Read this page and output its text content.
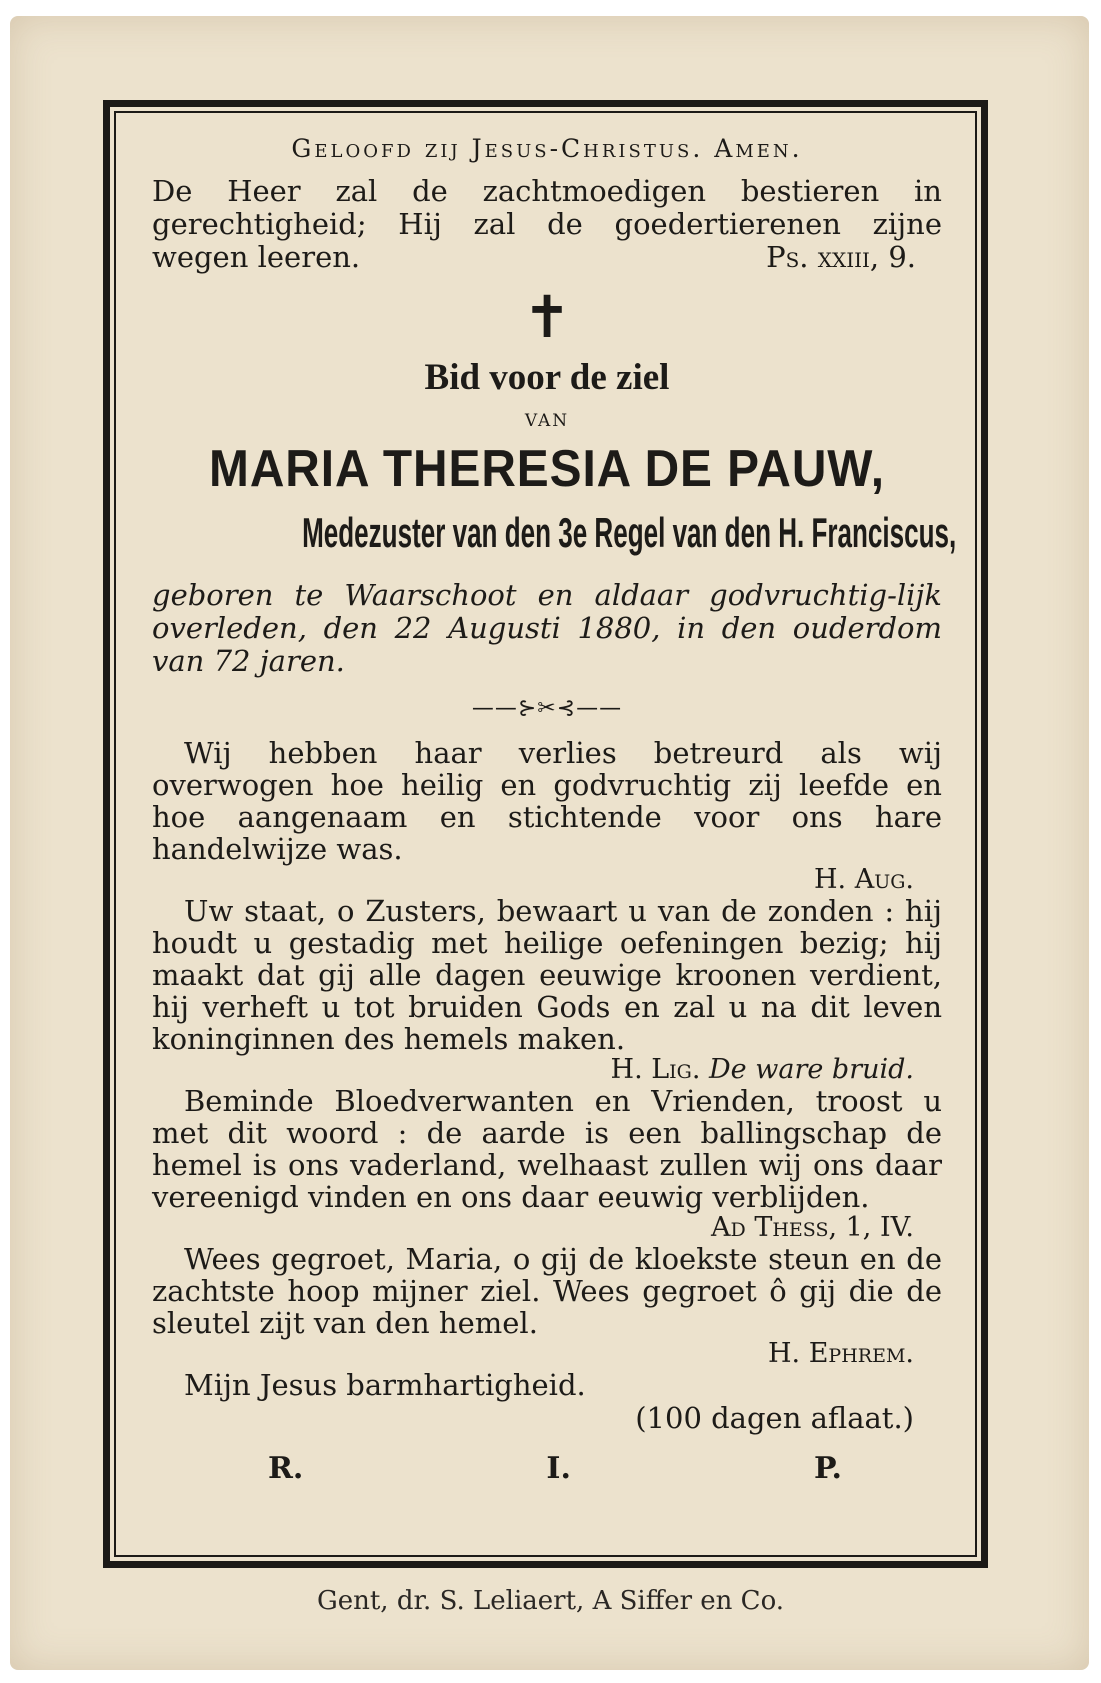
Geloofd zij Jesus-Christus. Amen.
De Heer zal de zachtmoedigen bestieren in
gerechtigheid; Hij zal de goedertierenen zijne
wegen leeren.	Ps. xxiii, 9.
✝
Bid voor de ziel
VAN
MARIA THERESIA DE PAUW,
Medezuster van den 3e Regel van den H. Franciscus,
geboren te Waarschoot en aldaar godvruchtig-lijk overleden, den 22 Augusti 1880, in den ouderdom van 72 jaren.
——⊱✂⊰——
Wij hebben haar verlies betreurd als wij overwogen hoe heilig en godvruchtig zij leefde en hoe aangenaam en stichtende voor ons hare handelwijze was.
H. Aug.
Uw staat, o Zusters, bewaart u van de zonden : hij houdt u gestadig met heilige oefeningen bezig; hij maakt dat gij alle dagen eeuwige kroonen verdient, hij verheft u tot bruiden Gods en zal u na dit leven koninginnen des hemels maken.
H. Lig. De ware bruid.
Beminde Bloedverwanten en Vrienden, troost u met dit woord : de aarde is een ballingschap de hemel is ons vaderland, welhaast zullen wij ons daar vereenigd vinden en ons daar eeuwig verblijden.
Ad Thess, 1, IV.
Wees gegroet, Maria, o gij de kloekste steun en de zachtste hoop mijner ziel. Wees gegroet ô gij die de sleutel zijt van den hemel.
H. Ephrem.
Mijn Jesus barmhartigheid.
(100 dagen aflaat.)
R.	I.	P.
Gent, dr. S. Leliaert, A Siffer en Co.
